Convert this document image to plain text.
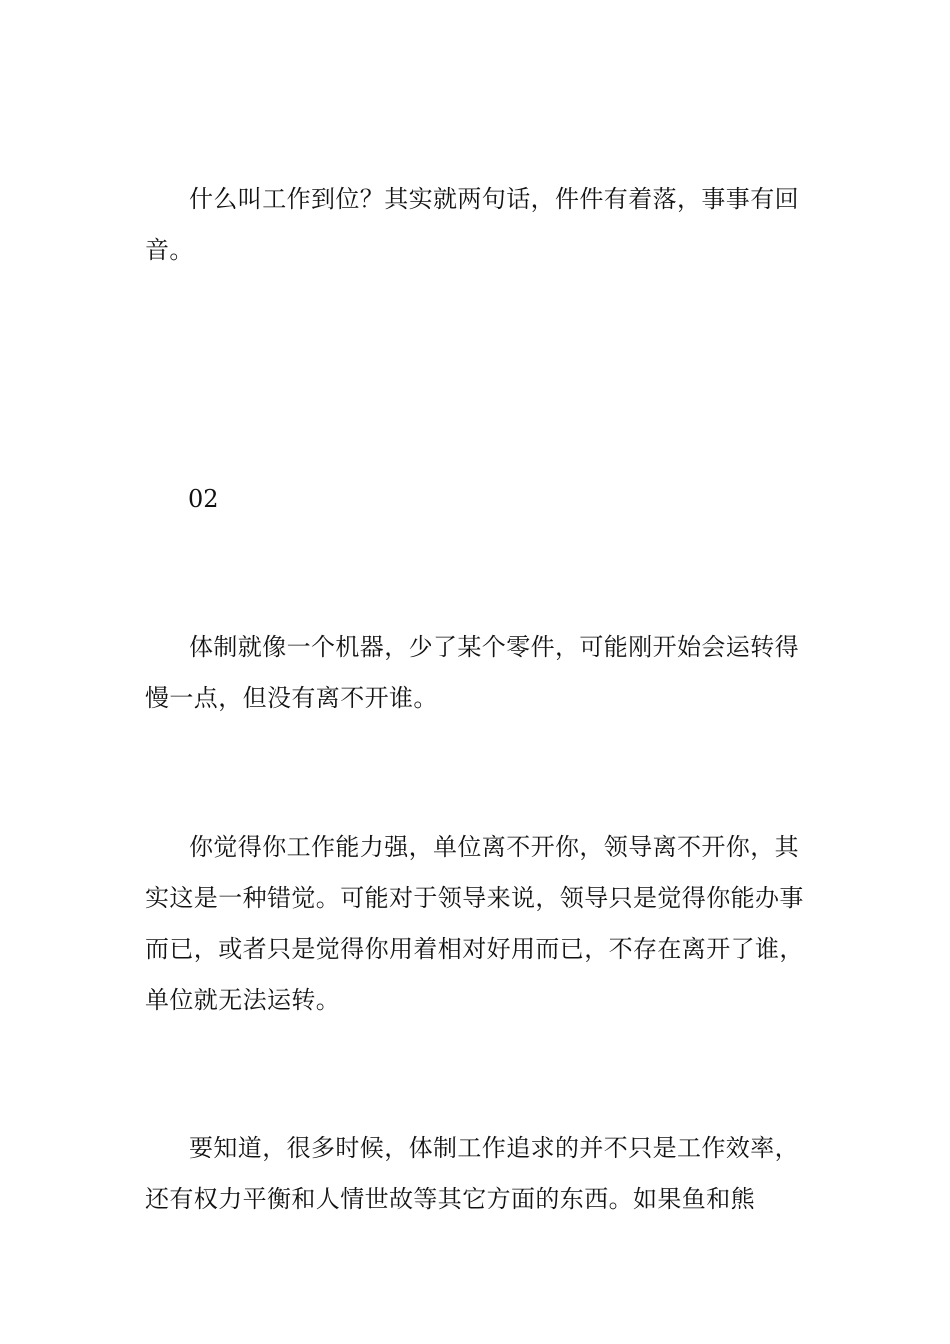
什么叫工作到位？其实就两句话，件件有着落，事事有回音。

02

体制就像一个机器，少了某个零件，可能刚开始会运转得慢一点，但没有离不开谁。

你觉得你工作能力强，单位离不开你，领导离不开你，其实这是一种错觉。可能对于领导来说，领导只是觉得你能办事而已，或者只是觉得你用着相对好用而已，不存在离开了谁，单位就无法运转。

要知道，很多时候，体制工作追求的并不只是工作效率，还有权力平衡和人情世故等其它方面的东西。如果鱼和熊
